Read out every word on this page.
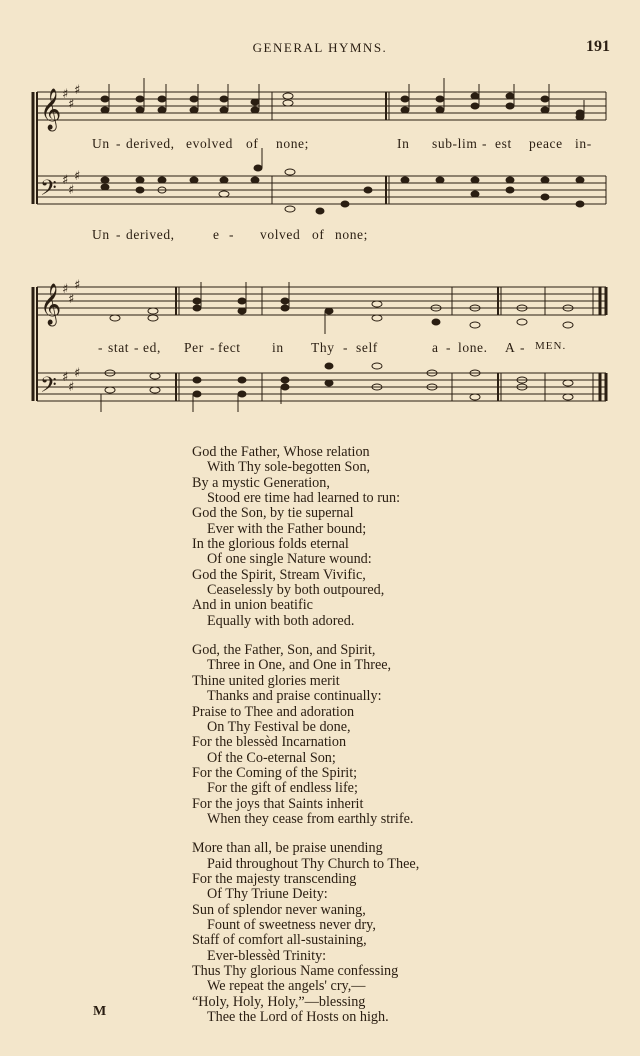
GENERAL HYMNS.	191
𝄞
𝄢
𝄞
𝄢
♯
♯
♯
♯
♯
♯
♯
♯
♯
♯
♯
♯
Un - derived, evolved of none;	In sub-lim - est peace in-
Un - derived,	e - volved of none;
- stat - ed, Per - fect in Thy - self	a - lone. A - MEN.
God the Father, Whose relation
With Thy sole-begotten Son,
By a mystic Generation,
Stood ere time had learned to run:
God the Son, by tie supernal
Ever with the Father bound;
In the glorious folds eternal
Of one single Nature wound:
God the Spirit, Stream Vivific,
Ceaselessly by both outpoured,
And in union beatific
Equally with both adored.
God, the Father, Son, and Spirit,
Three in One, and One in Three,
Thine united glories merit
Thanks and praise continually:
Praise to Thee and adoration
On Thy Festival be done,
For the blessèd Incarnation
Of the Co-eternal Son;
For the Coming of the Spirit;
For the gift of endless life;
For the joys that Saints inherit
When they cease from earthly strife.
More than all, be praise unending
Paid throughout Thy Church to Thee,
For the majesty transcending
Of Thy Triune Deity:
Sun of splendor never waning,
Fount of sweetness never dry,
Staff of comfort all-sustaining,
Ever-blessèd Trinity:
Thus Thy glorious Name confessing
We repeat the angels' cry,—
“Holy, Holy, Holy,”—blessing
Thee the Lord of Hosts on high.
M
